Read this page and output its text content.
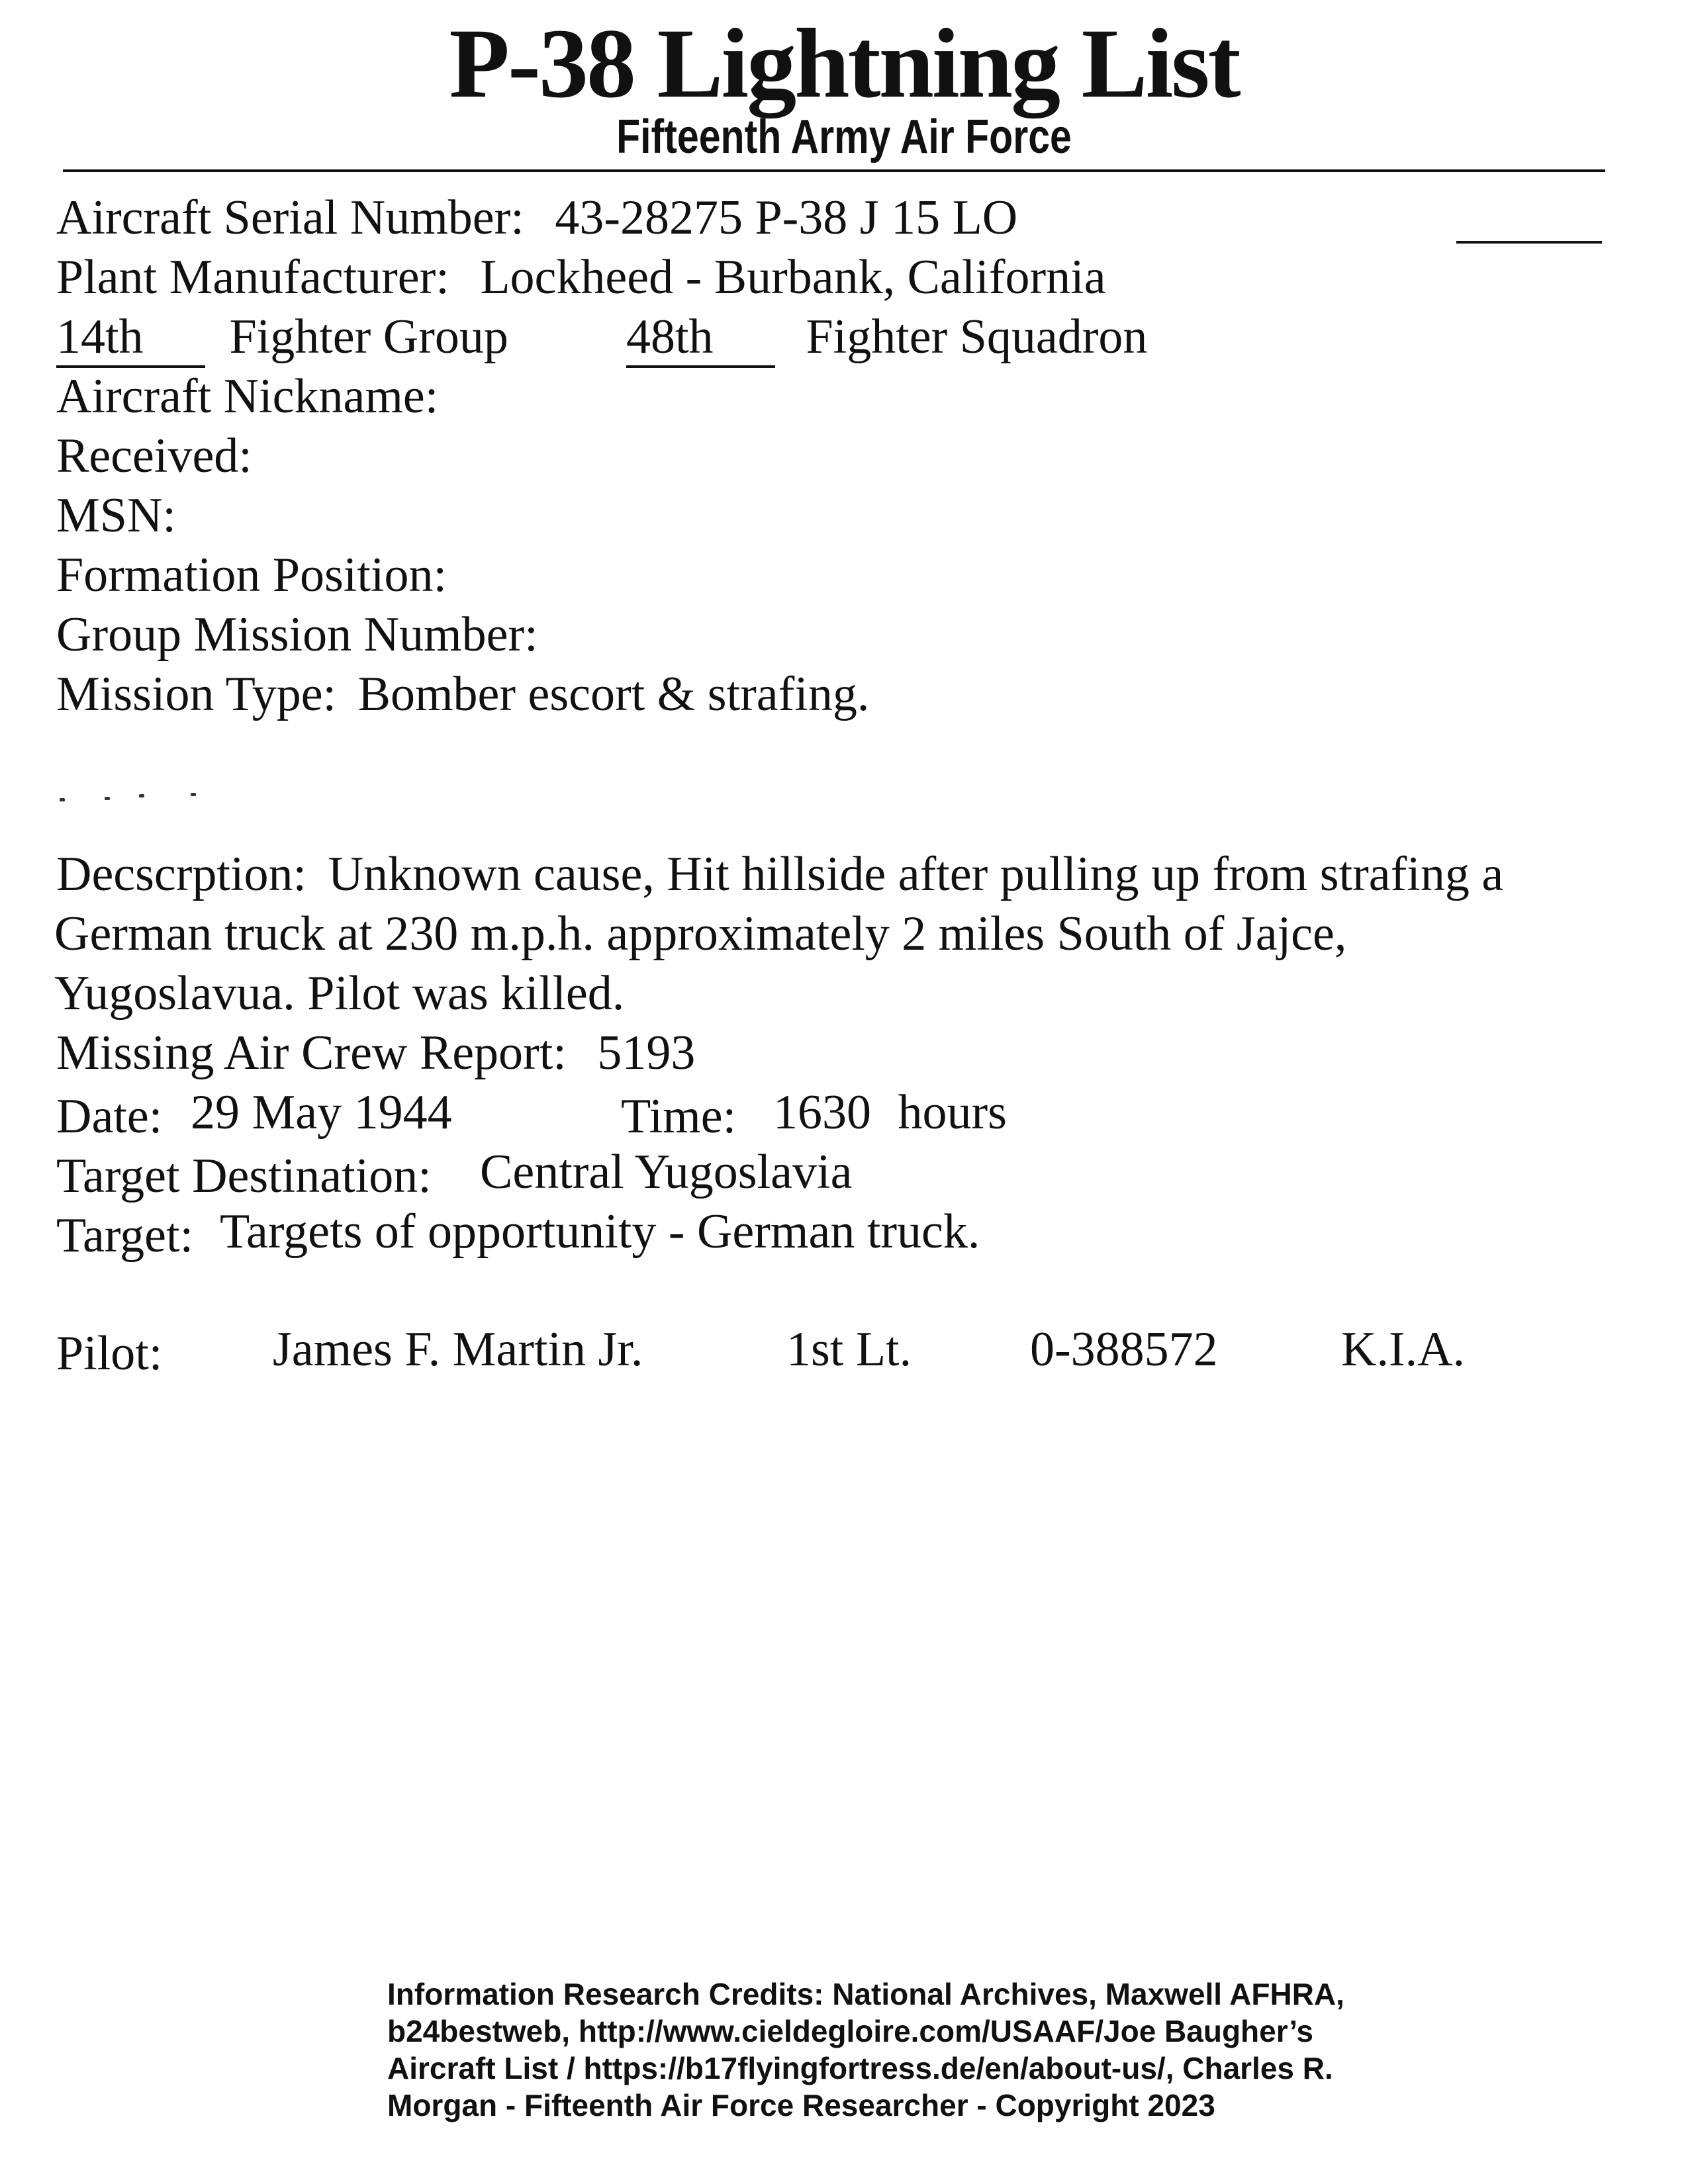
P-38 Lightning List
Fifteenth Army Air Force
Aircraft Serial Number: 43-28275 P-38 J 15 LO
Plant Manufacturer: Lockheed - Burbank, California
14th Fighter Group 48th Fighter Squadron
Aircraft Nickname:
Received:
MSN:
Formation Position:
Group Mission Number:
Mission Type: Bomber escort & strafing.
Decscrption: Unknown cause, Hit hillside after pulling up from strafing a
German truck at 230 m.p.h. approximately 2 miles South of Jajce,
Yugoslavua. Pilot was killed.
Missing Air Crew Report: 5193
Date: 29 May 1944	Time: 1630 hours
Target Destination: Central Yugoslavia
Target: Targets of opportunity - German truck.
Pilot: James F. Martin Jr.	1st Lt. 0-388572	K.I.A.
Information Research Credits: National Archives, Maxwell AFHRA,
b24bestweb, http://www.cieldegloire.com/USAAF/Joe Baugher’s
Aircraft List / https://b17flyingfortress.de/en/about-us/, Charles R.
Morgan - Fifteenth Air Force Researcher - Copyright 2023
